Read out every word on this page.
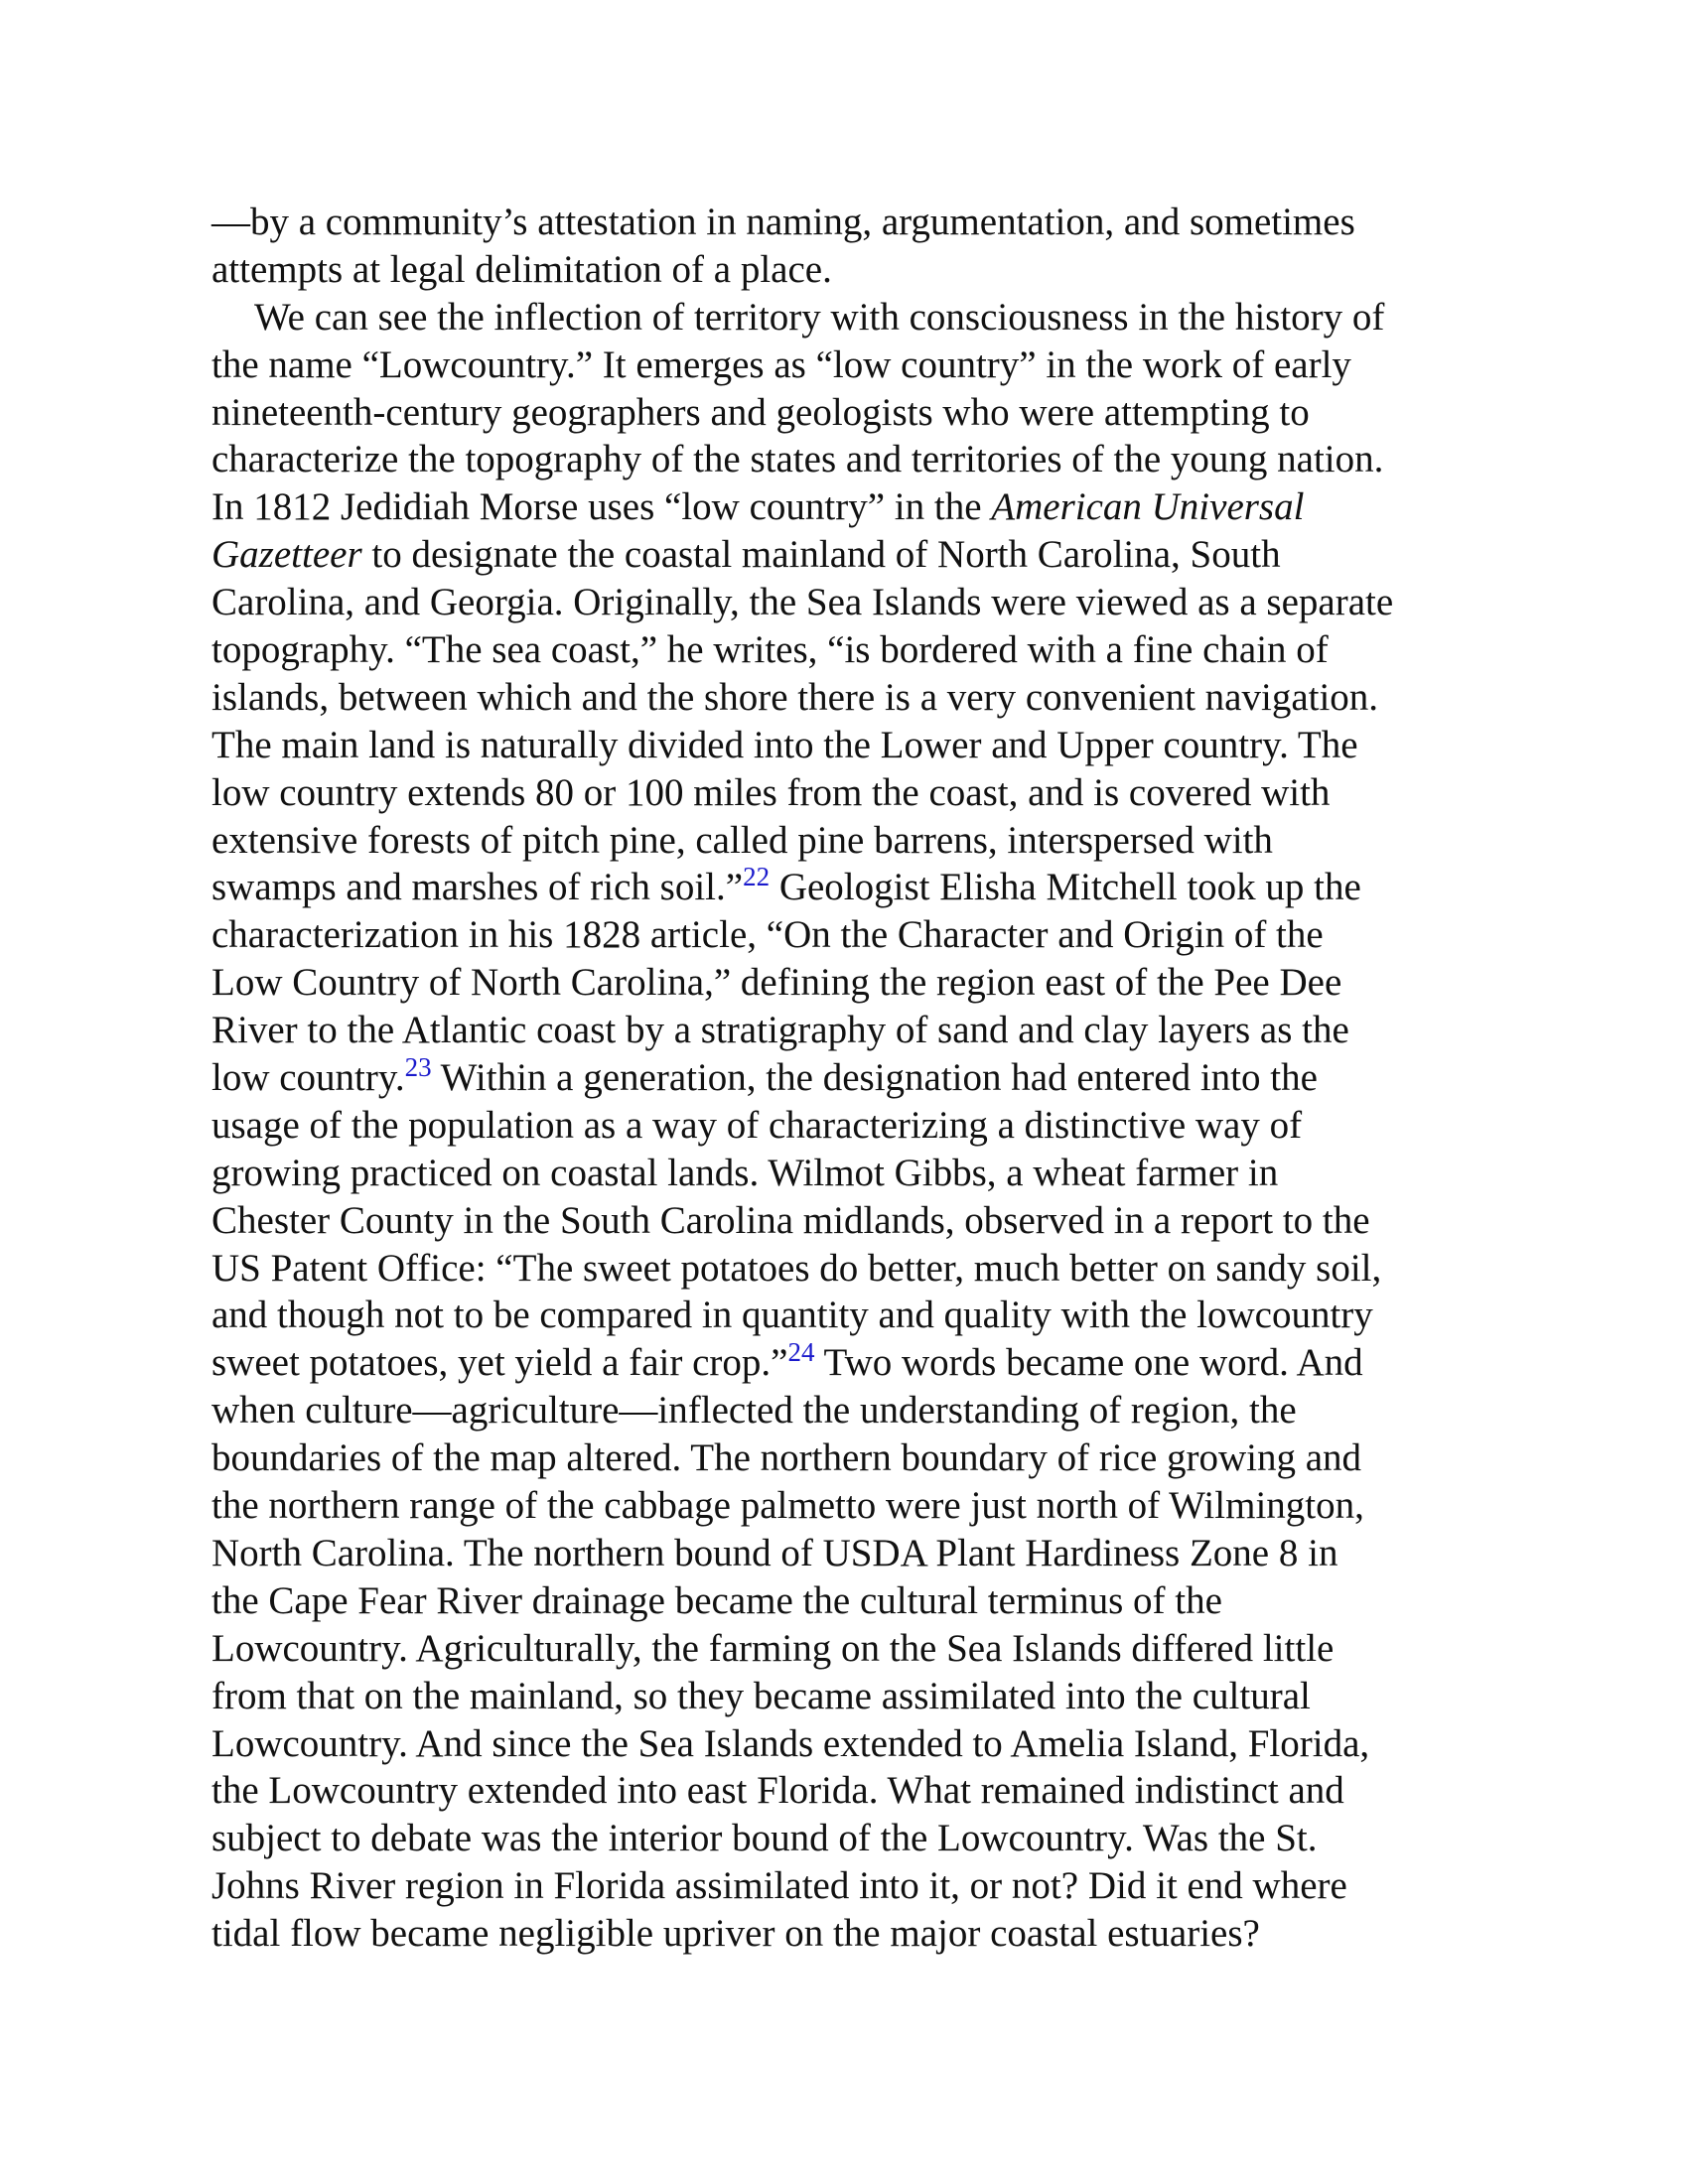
—by a community’s attestation in naming, argumentation, and sometimes
attempts at legal delimitation of a place.
We can see the inflection of territory with consciousness in the history of
the name “Lowcountry.” It emerges as “low country” in the work of early
nineteenth-century geographers and geologists who were attempting to
characterize the topography of the states and territories of the young nation.
In 1812 Jedidiah Morse uses “low country” in the American Universal
Gazetteer to designate the coastal mainland of North Carolina, South
Carolina, and Georgia. Originally, the Sea Islands were viewed as a separate
topography. “The sea coast,” he writes, “is bordered with a fine chain of
islands, between which and the shore there is a very convenient navigation.
The main land is naturally divided into the Lower and Upper country. The
low country extends 80 or 100 miles from the coast, and is covered with
extensive forests of pitch pine, called pine barrens, interspersed with
swamps and marshes of rich soil.”$^{22}$ Geologist Elisha Mitchell took up the
characterization in his 1828 article, “On the Character and Origin of the
Low Country of North Carolina,” defining the region east of the Pee Dee
River to the Atlantic coast by a stratigraphy of sand and clay layers as the
low country.$^{23}$ Within a generation, the designation had entered into the
usage of the population as a way of characterizing a distinctive way of
growing practiced on coastal lands. Wilmot Gibbs, a wheat farmer in
Chester County in the South Carolina midlands, observed in a report to the
US Patent Office: “The sweet potatoes do better, much better on sandy soil,
and though not to be compared in quantity and quality with the lowcountry
sweet potatoes, yet yield a fair crop.”$^{24}$ Two words became one word. And
when culture—agriculture—inflected the understanding of region, the
boundaries of the map altered. The northern boundary of rice growing and
the northern range of the cabbage palmetto were just north of Wilmington,
North Carolina. The northern bound of USDA Plant Hardiness Zone 8 in
the Cape Fear River drainage became the cultural terminus of the
Lowcountry. Agriculturally, the farming on the Sea Islands differed little
from that on the mainland, so they became assimilated into the cultural
Lowcountry. And since the Sea Islands extended to Amelia Island, Florida,
the Lowcountry extended into east Florida. What remained indistinct and
subject to debate was the interior bound of the Lowcountry. Was the St.
Johns River region in Florida assimilated into it, or not? Did it end where
tidal flow became negligible upriver on the major coastal estuaries?
